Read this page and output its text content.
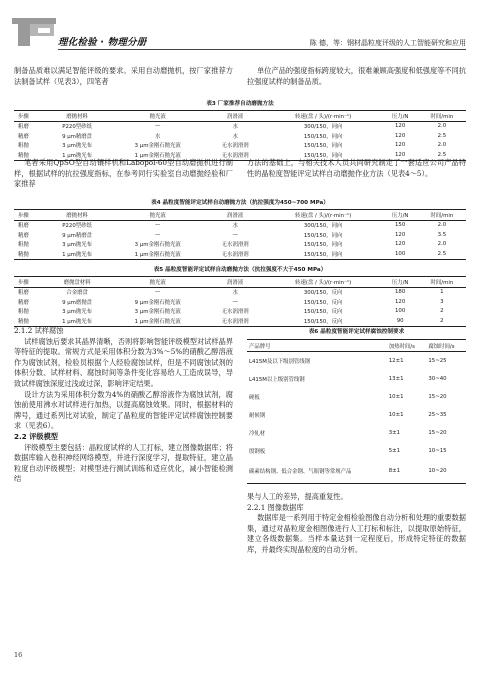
理化检验 · 物理分册	陈 德，等：钢材晶粒度评级的人工智能研究和应用

制备品质难以满足智能评级的要求。采用自动磨抛机，按厂家推荐方法制备试样（见表3），四笔者

单位产品的强度指标跨度较大，很难兼顾高强度和低强度等不同抗拉强度试样的制备品质。

表3 厂家推荐自动磨抛方法
步骤	磨抛材料	抛光液	润滑液	转速(盘 / 头)/(r·min⁻¹)	压力/N	时间/min
粗磨	P220型砂纸	—	水	300/150，同向	120	2.0
精磨	9 μm精磨盘	水	水	150/150，同向	120	2.5
粗抛	3 μm抛光布	3 μm金刚石抛光液	无水润滑剂	150/150，同向	120	2.0
精抛	1 μm抛光布	1 μm金刚石抛光液	无水润滑剂	150/150，同向	120	2.5

笔者采用QpSO型自动镶样机和Labopol-60型自动磨抛机进行制样，根据试样的抗拉强度指标，在参考同行实验室自动磨抛经验和厂家推荐

方法的基础上，与相关技术人员共同研究制定了一套适应公司产品特性的晶粒度智能评定试样自动磨抛作业方法（见表4～5）。

表4 晶粒度智能评定试样自动磨抛方法（抗拉强度为450~700 MPa）
步骤	磨抛材料	抛光液	润滑液	转速(盘 / 头)/(r·min⁻¹)	压力/N	时间/min
粗磨	P220型砂纸	—	水	300/150，同向	150	2.0
精磨	9 μm精磨盘	—	—	150/150，同向	120	3.5
粗抛	3 μm抛光布	3 μm金刚石抛光液	无水润滑剂	150/150，同向	120	2.0
精抛	1 μm抛光布	1 μm金刚石抛光液	无水润滑剂	150/150，同向	100	2.5
表5 晶粒度智能评定试样自动磨抛方法（抗拉强度不大于450 MPa）
步骤	磨抛盘材料	抛光液	润滑液	转速(盘 / 头)/(r·min⁻¹)	压力/N	时间/min
粗磨	合金磨盘	—	水	300/150，反向	180	1
精磨	9 μm磨抛盘	9 μm金刚石抛光液	—	150/150，反向	120	3
粗抛	3 μm抛光布	3 μm金刚石抛光液	无水润滑剂	150/150，反向	100	2
精抛	1 μm抛光布	1 μm金刚石抛光液	无水润滑剂	150/150，反向	90	2

2.1.2 试样腐蚀

试样腐蚀后要求其晶界清晰，否则将影响智能评级模型对试样晶界等特征的提取。常规方式是采用体积分数为3%～5%的硝酸乙醇溶液作为腐蚀试剂，检验员根据个人经验腐蚀试样，但是不同腐蚀试剂的体积分数、试样材料、腐蚀时间等条件变化容易给人工造成误导，导致试样腐蚀深度过浅或过深，影响评定结果。

设计方法为采用体积分数为4%的硝酸乙醇溶液作为腐蚀试剂，腐蚀前使用沸水对试样进行加热，以提高腐蚀效果。同时，根据材料的牌号，通过系列比对试验，制定了晶粒度的智能评定试样腐蚀控制要求（见表6）。

2.2 评级模型

评级模型主要包括：晶粒度试样的人工打标，建立图像数据库；将数据库输入卷积神经网络模型，并进行深度学习，提取特征，建立晶粒度自动评级模型；对模型进行测试训练和适应优化，减小智能检测结

表6 晶粒度智能评定试样腐蚀控制要求
产品牌号	加热时间/s	腐蚀时间/s
L415M及以下级别管线钢	12±1	15~25
L415M以上级别管线钢	13±1	30~40
硬板	10±1	15~20
耐候钢	10±1	25~35
冷轧材	3±1	15~20
殷钢板	5±1	10~15
碳素结构钢、低合金钢、气瓶钢等常规产品	8±1	10~20

果与人工的差异，提高重复性。

2.2.1 图像数据库

数据库是一系列用于特定金相检验图像自动分析和处理的重要数据集，通过对晶粒度金相图像进行人工打标和标注，以提取原始特征，建立各级数据集。当样本量达到一定程度后，形成特定特征的数据库，并最终实现晶粒度的自动分析。

16
